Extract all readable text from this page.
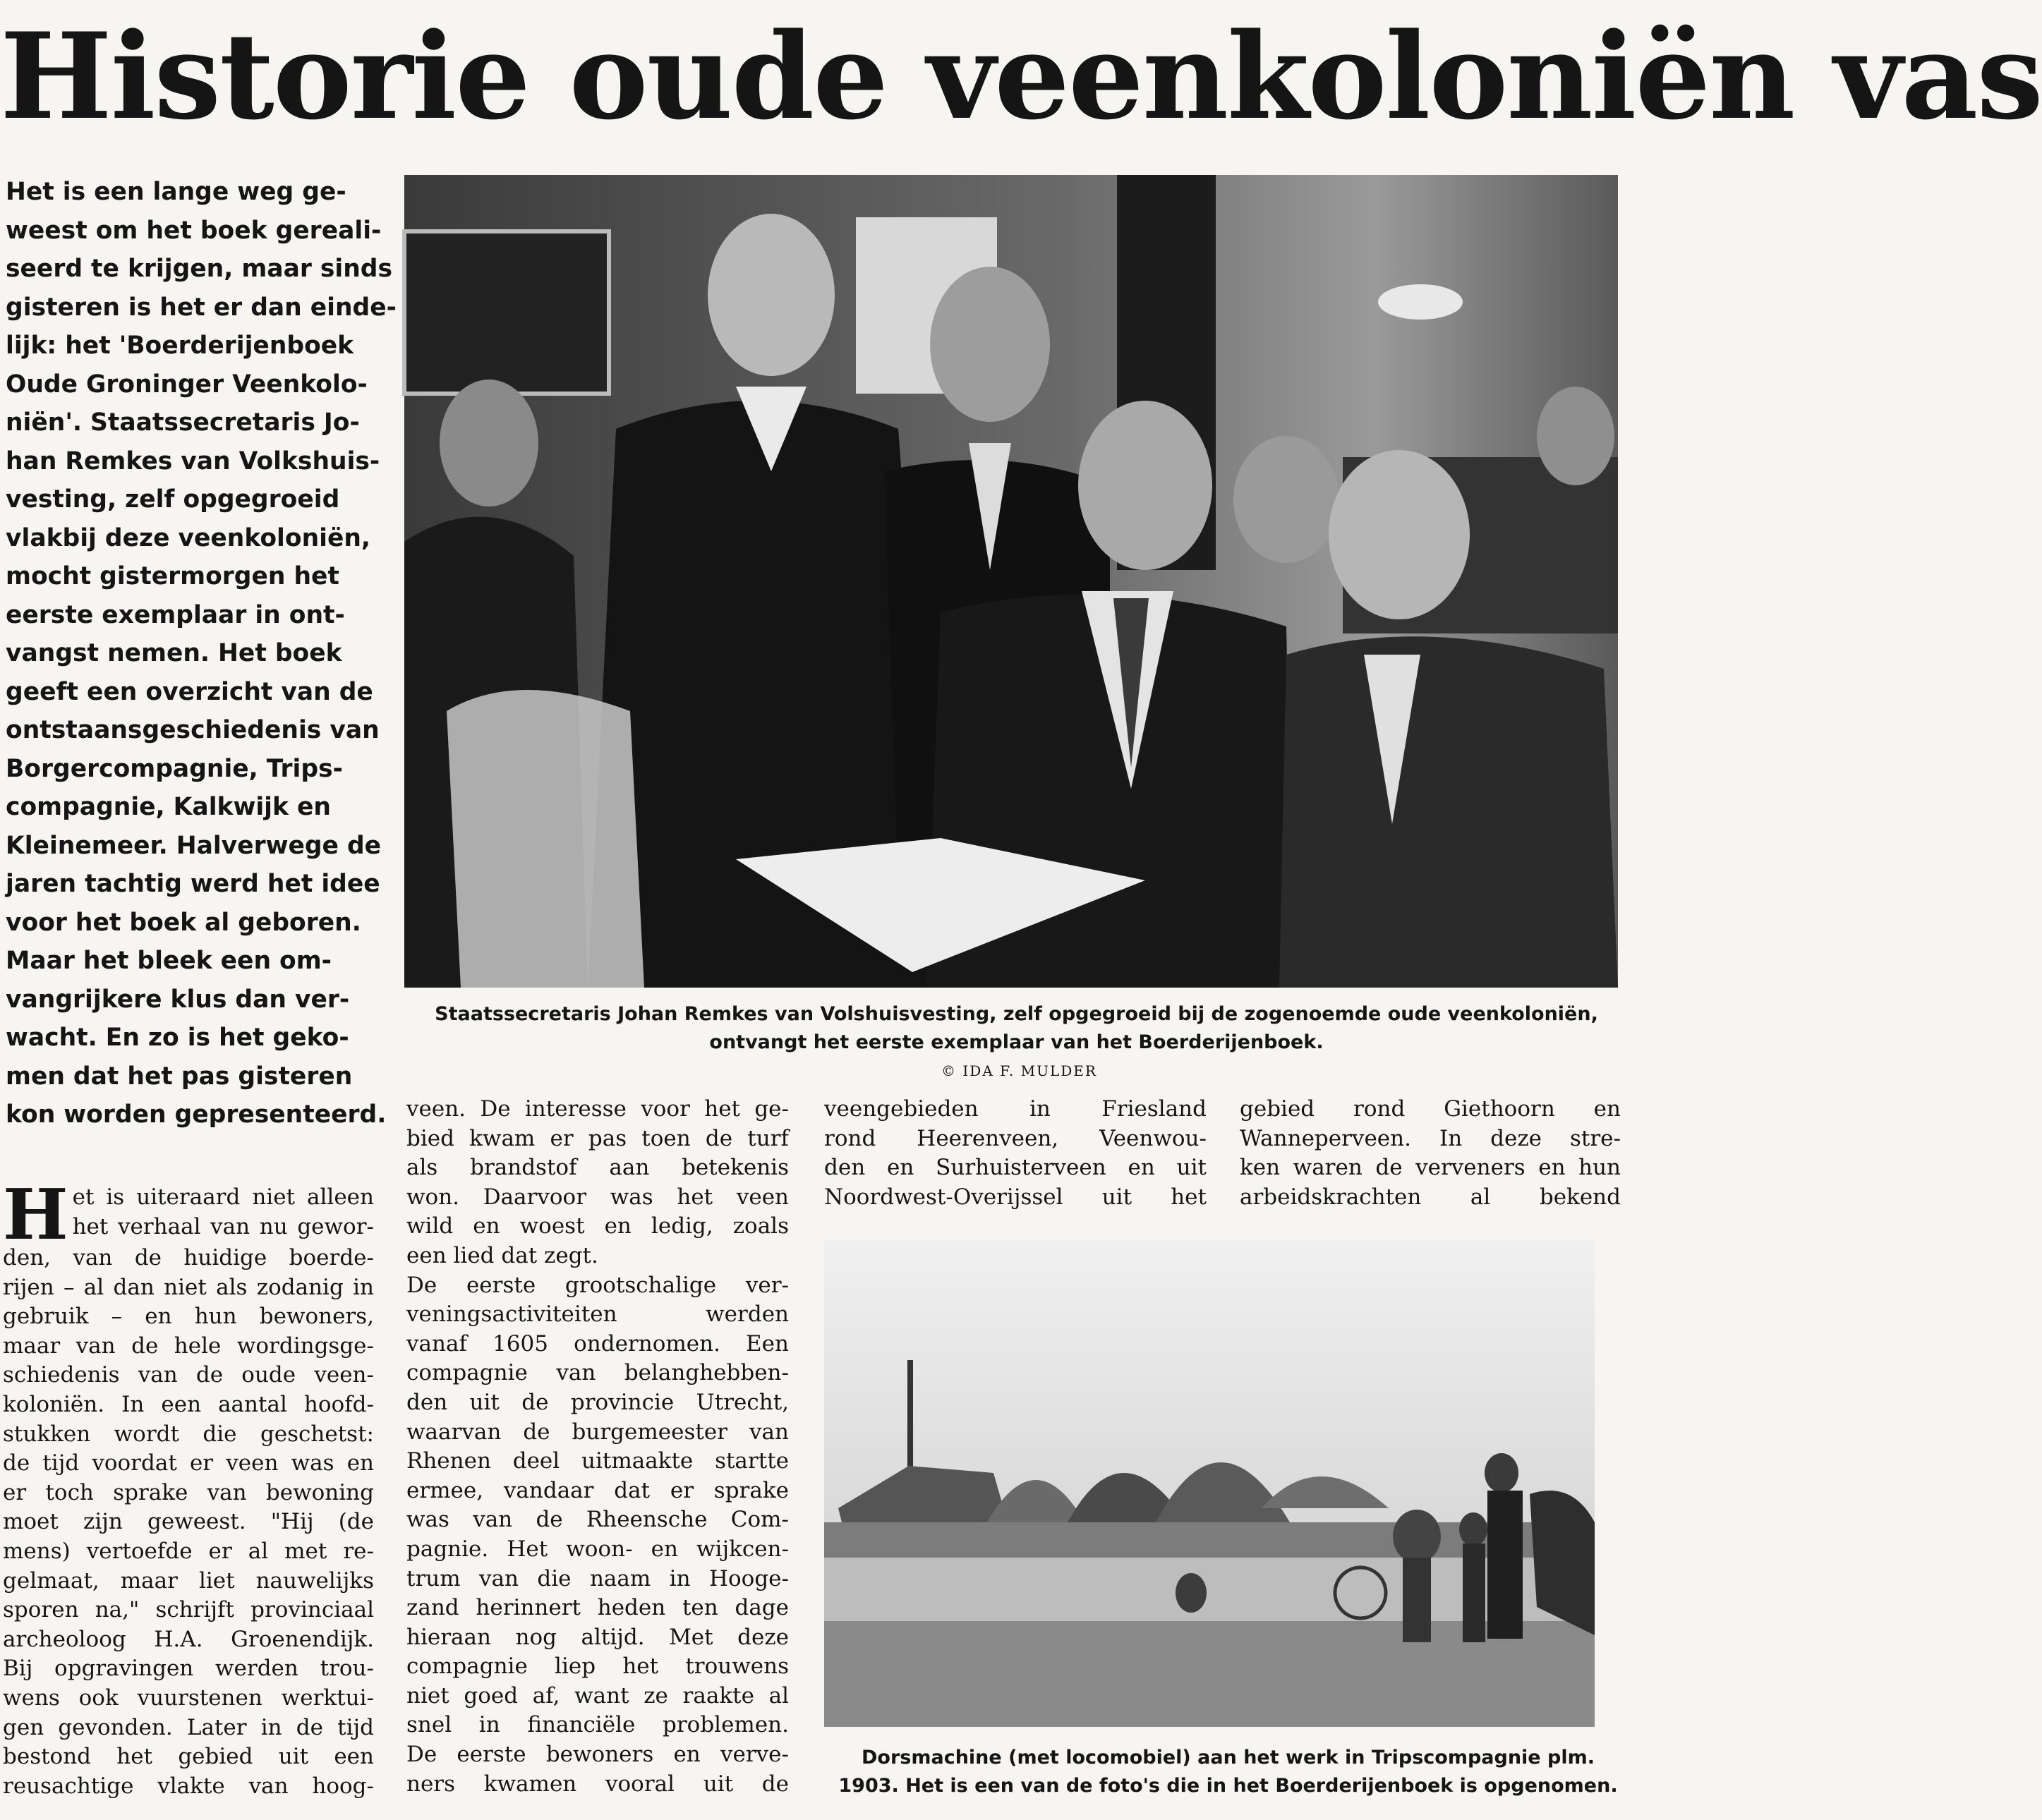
Historie oude veenkoloniën vas
Het is een lange weg ge-
weest om het boek gereali-
seerd te krijgen, maar sinds
gisteren is het er dan einde-
lijk: het 'Boerderijenboek
Oude Groninger Veenkolo-
niën'. Staatssecretaris Jo-
han Remkes van Volkshuis-
vesting, zelf opgegroeid
vlakbij deze veenkoloniën,
mocht gistermorgen het
eerste exemplaar in ont-
vangst nemen. Het boek
geeft een overzicht van de
ontstaansgeschiedenis van
Borgercompagnie, Trips-
compagnie, Kalkwijk en
Kleinemeer. Halverwege de
jaren tachtig werd het idee
voor het boek al geboren.
Maar het bleek een om-
vangrijkere klus dan ver-
wacht. En zo is het geko-
men dat het pas gisteren
kon worden gepresenteerd.

Staatssecretaris Johan Remkes van Volshuisvesting, zelf opgegroeid bij de zogenoemde oude veenkoloniën,
ontvangt het eerste exemplaar van het Boerderijenboek.
© IDA F. MULDER

H et is uiteraard niet alleen
het verhaal van nu gewor-
den, van de huidige boerde-
rijen – al dan niet als zodanig in
gebruik – en hun bewoners,
maar van de hele wordingsge-
schiedenis van de oude veen-
koloniën. In een aantal hoofd-
stukken wordt die geschetst:
de tijd voordat er veen was en
er toch sprake van bewoning
moet zijn geweest. "Hij (de
mens) vertoefde er al met re-
gelmaat, maar liet nauwelijks
sporen na," schrijft provinciaal
archeoloog H.A. Groenendijk.
Bij opgravingen werden trou-
wens ook vuurstenen werktui-
gen gevonden. Later in de tijd
bestond het gebied uit een
reusachtige vlakte van hoog-
veen. De interesse voor het ge-
bied kwam er pas toen de turf
als brandstof aan betekenis
won. Daarvoor was het veen
wild en woest en ledig, zoals
een lied dat zegt.
De eerste grootschalige ver-
veningsactiviteiten werden
vanaf 1605 ondernomen. Een
compagnie van belanghebben-
den uit de provincie Utrecht,
waarvan de burgemeester van
Rhenen deel uitmaakte startte
ermee, vandaar dat er sprake
was van de Rheensche Com-
pagnie. Het woon- en wijkcen-
trum van die naam in Hooge-
zand herinnert heden ten dage
hieraan nog altijd. Met deze
compagnie liep het trouwens
niet goed af, want ze raakte al
snel in financiële problemen.
De eerste bewoners en verve-
ners kwamen vooral uit de
veengebieden in Friesland
rond Heerenveen, Veenwou-
den en Surhuisterveen en uit
Noordwest-Overijssel uit het
gebied rond Giethoorn en
Wanneperveen. In deze stre-
ken waren de verveners en hun
arbeidskrachten al bekend

Dorsmachine (met locomobiel) aan het werk in Tripscompagnie plm.
1903. Het is een van de foto's die in het Boerderijenboek is opgenomen.
